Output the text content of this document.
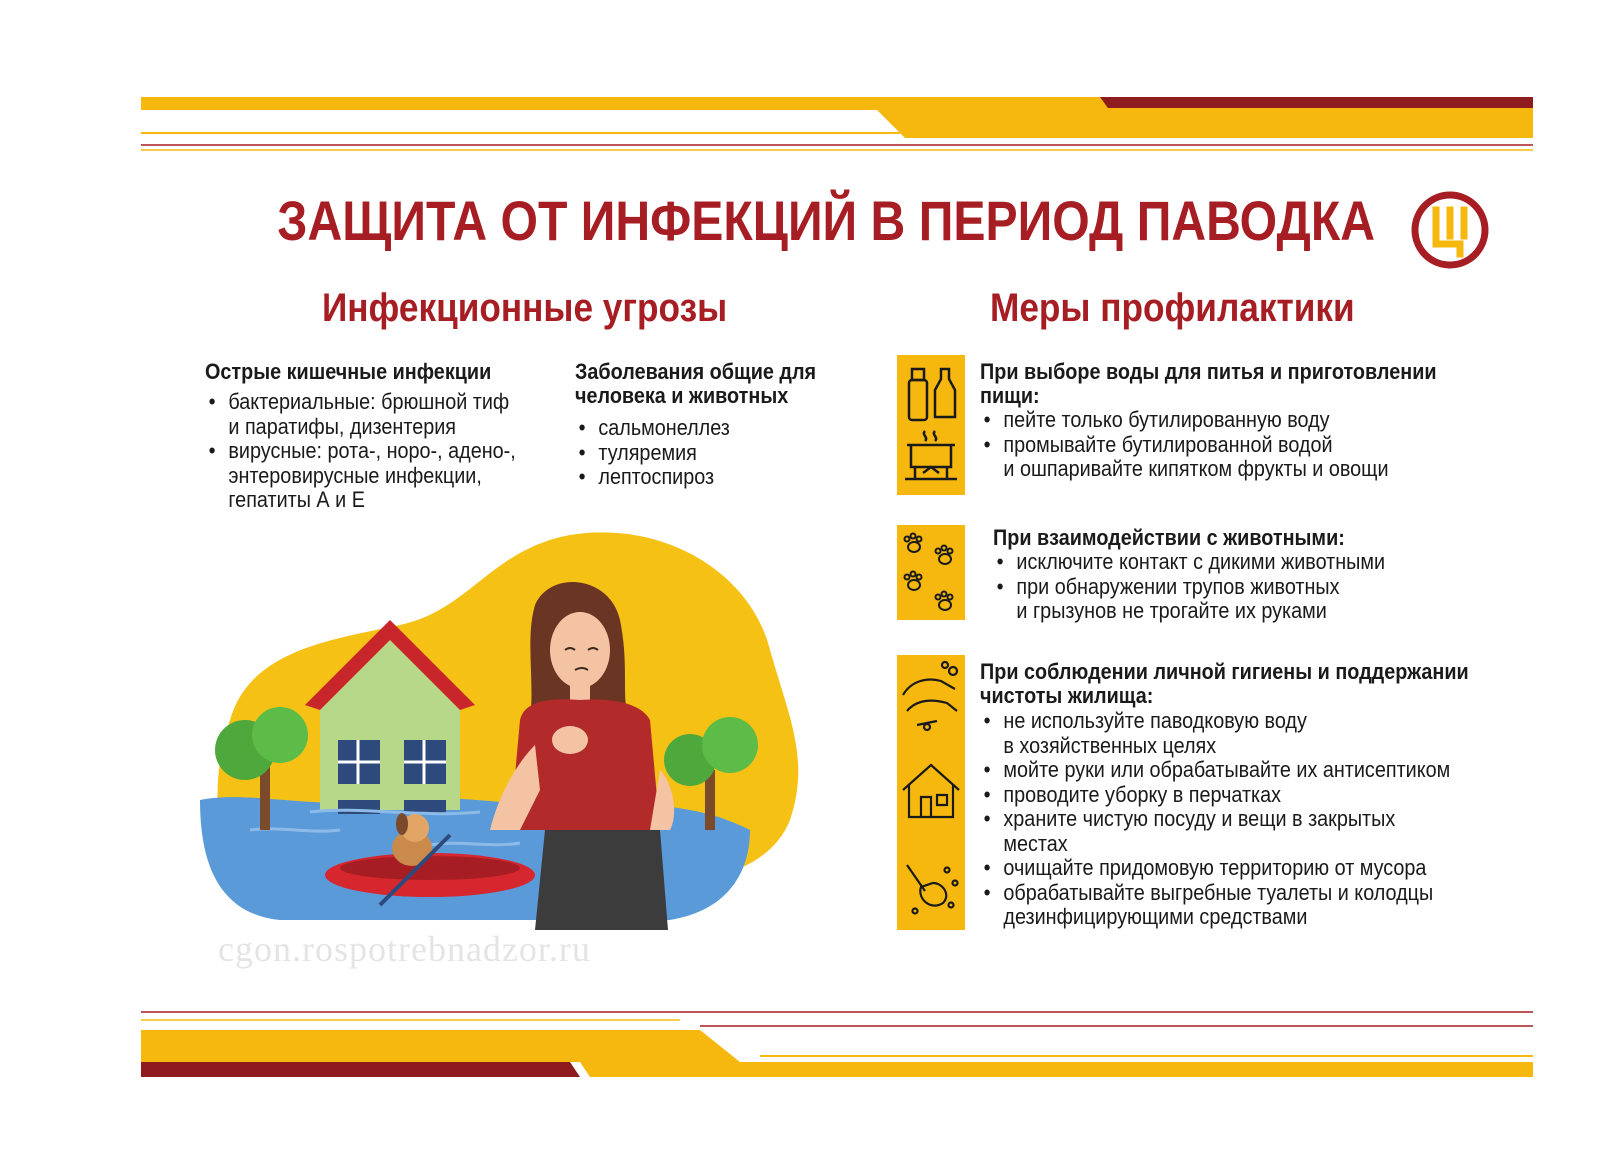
ЗАЩИТА ОТ ИНФЕКЦИЙ В ПЕРИОД ПАВОДКА
Инфекционные угрозы
Острые кишечные инфекции
• бактериальные: брюшной тиф
и паратифы, дизентерия
• вирусные: рота-, норо-, адено-,
энтеровирусные инфекции,
гепатиты А и Е
Заболевания общие для
человека и животных
• сальмонеллез
• туляремия
• лептоспироз
cgon.rospotrebnadzor.ru
Меры профилактики
При выборе воды для питья и приготовлении
пищи:
• пейте только бутилированную воду
• промывайте бутилированной водой
и ошпаривайте кипятком фрукты и овощи
При взаимодействии с животными:
• исключите контакт с дикими животными
• при обнаружении трупов животных
и грызунов не трогайте их руками
При соблюдении личной гигиены и поддержании
чистоты жилища:
• не используйте паводковую воду
в хозяйственных целях
• мойте руки или обрабатывайте их антисептиком
• проводите уборку в перчатках
• храните чистую посуду и вещи в закрытых
местах
• очищайте придомовую территорию от мусора
• обрабатывайте выгребные туалеты и колодцы
дезинфицирующими средствами
